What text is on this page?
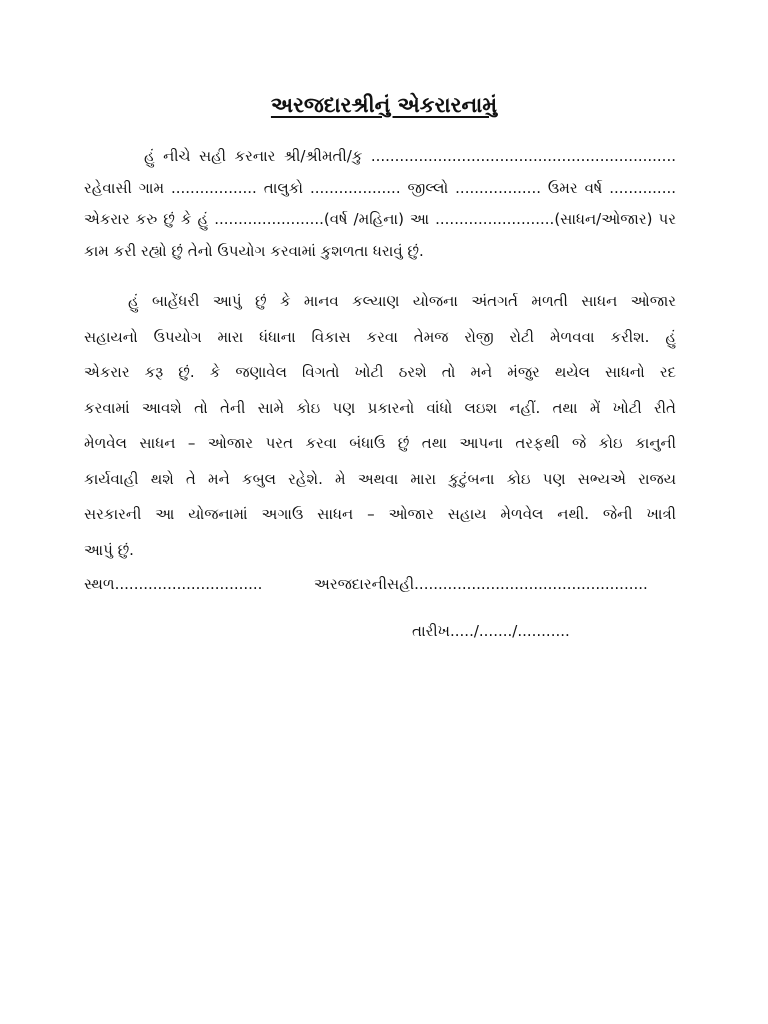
અરજદારશ્રીનું એકરારનામું
હું નીચે સહી કરનાર શ્રી/શ્રીમતી/કુ ................................................................
રહેવાસી ગામ .................. તાલુકો ................... જીલ્લો .................. ઉમર વર્ષ ..............
એકરાર કરુ છું કે હું .......................(વર્ષ /મહિના) આ .........................(સાધન/ઓજાર) પર
કામ કરી રહ્યો છું તેનો ઉપયોગ કરવામાં કુશળતા ધરાવું છું.
હું બાહેંધરી આપું છું કે માનવ કલ્યાણ યોજના અંતગર્ત મળતી સાધન ઓજાર
સહાયનો ઉપયોગ મારા ધંધાના વિકાસ કરવા તેમજ રોજી રોટી મેળવવા કરીશ. હું
એકરાર કરૂ છું. કે જણાવેલ વિગતો ખોટી ઠરશે તો મને મંજુર થયેલ સાધનો રદ
કરવામાં આવશે તો તેની સામે કોઇ પણ પ્રકારનો વાંધો લઇશ નહીં. તથા મેં ખોટી રીતે
મેળવેલ સાધન – ઓજાર પરત કરવા બંધાઉ છું તથા આપના તરફથી જે કોઇ કાનુની
કાર્યવાહી થશે તે મને કબુલ રહેશે. મે અથવા મારા કુટુંબના કોઇ પણ સભ્યએ રાજય
સરકારની આ યોજનામાં અગાઉ સાધન – ઓજાર સહાય મેળવેલ નથી. જેની ખાત્રી
આપું છું.
સ્થળ...............................	અરજદારનીસહી.................................................
તારીખ...../......./...........
